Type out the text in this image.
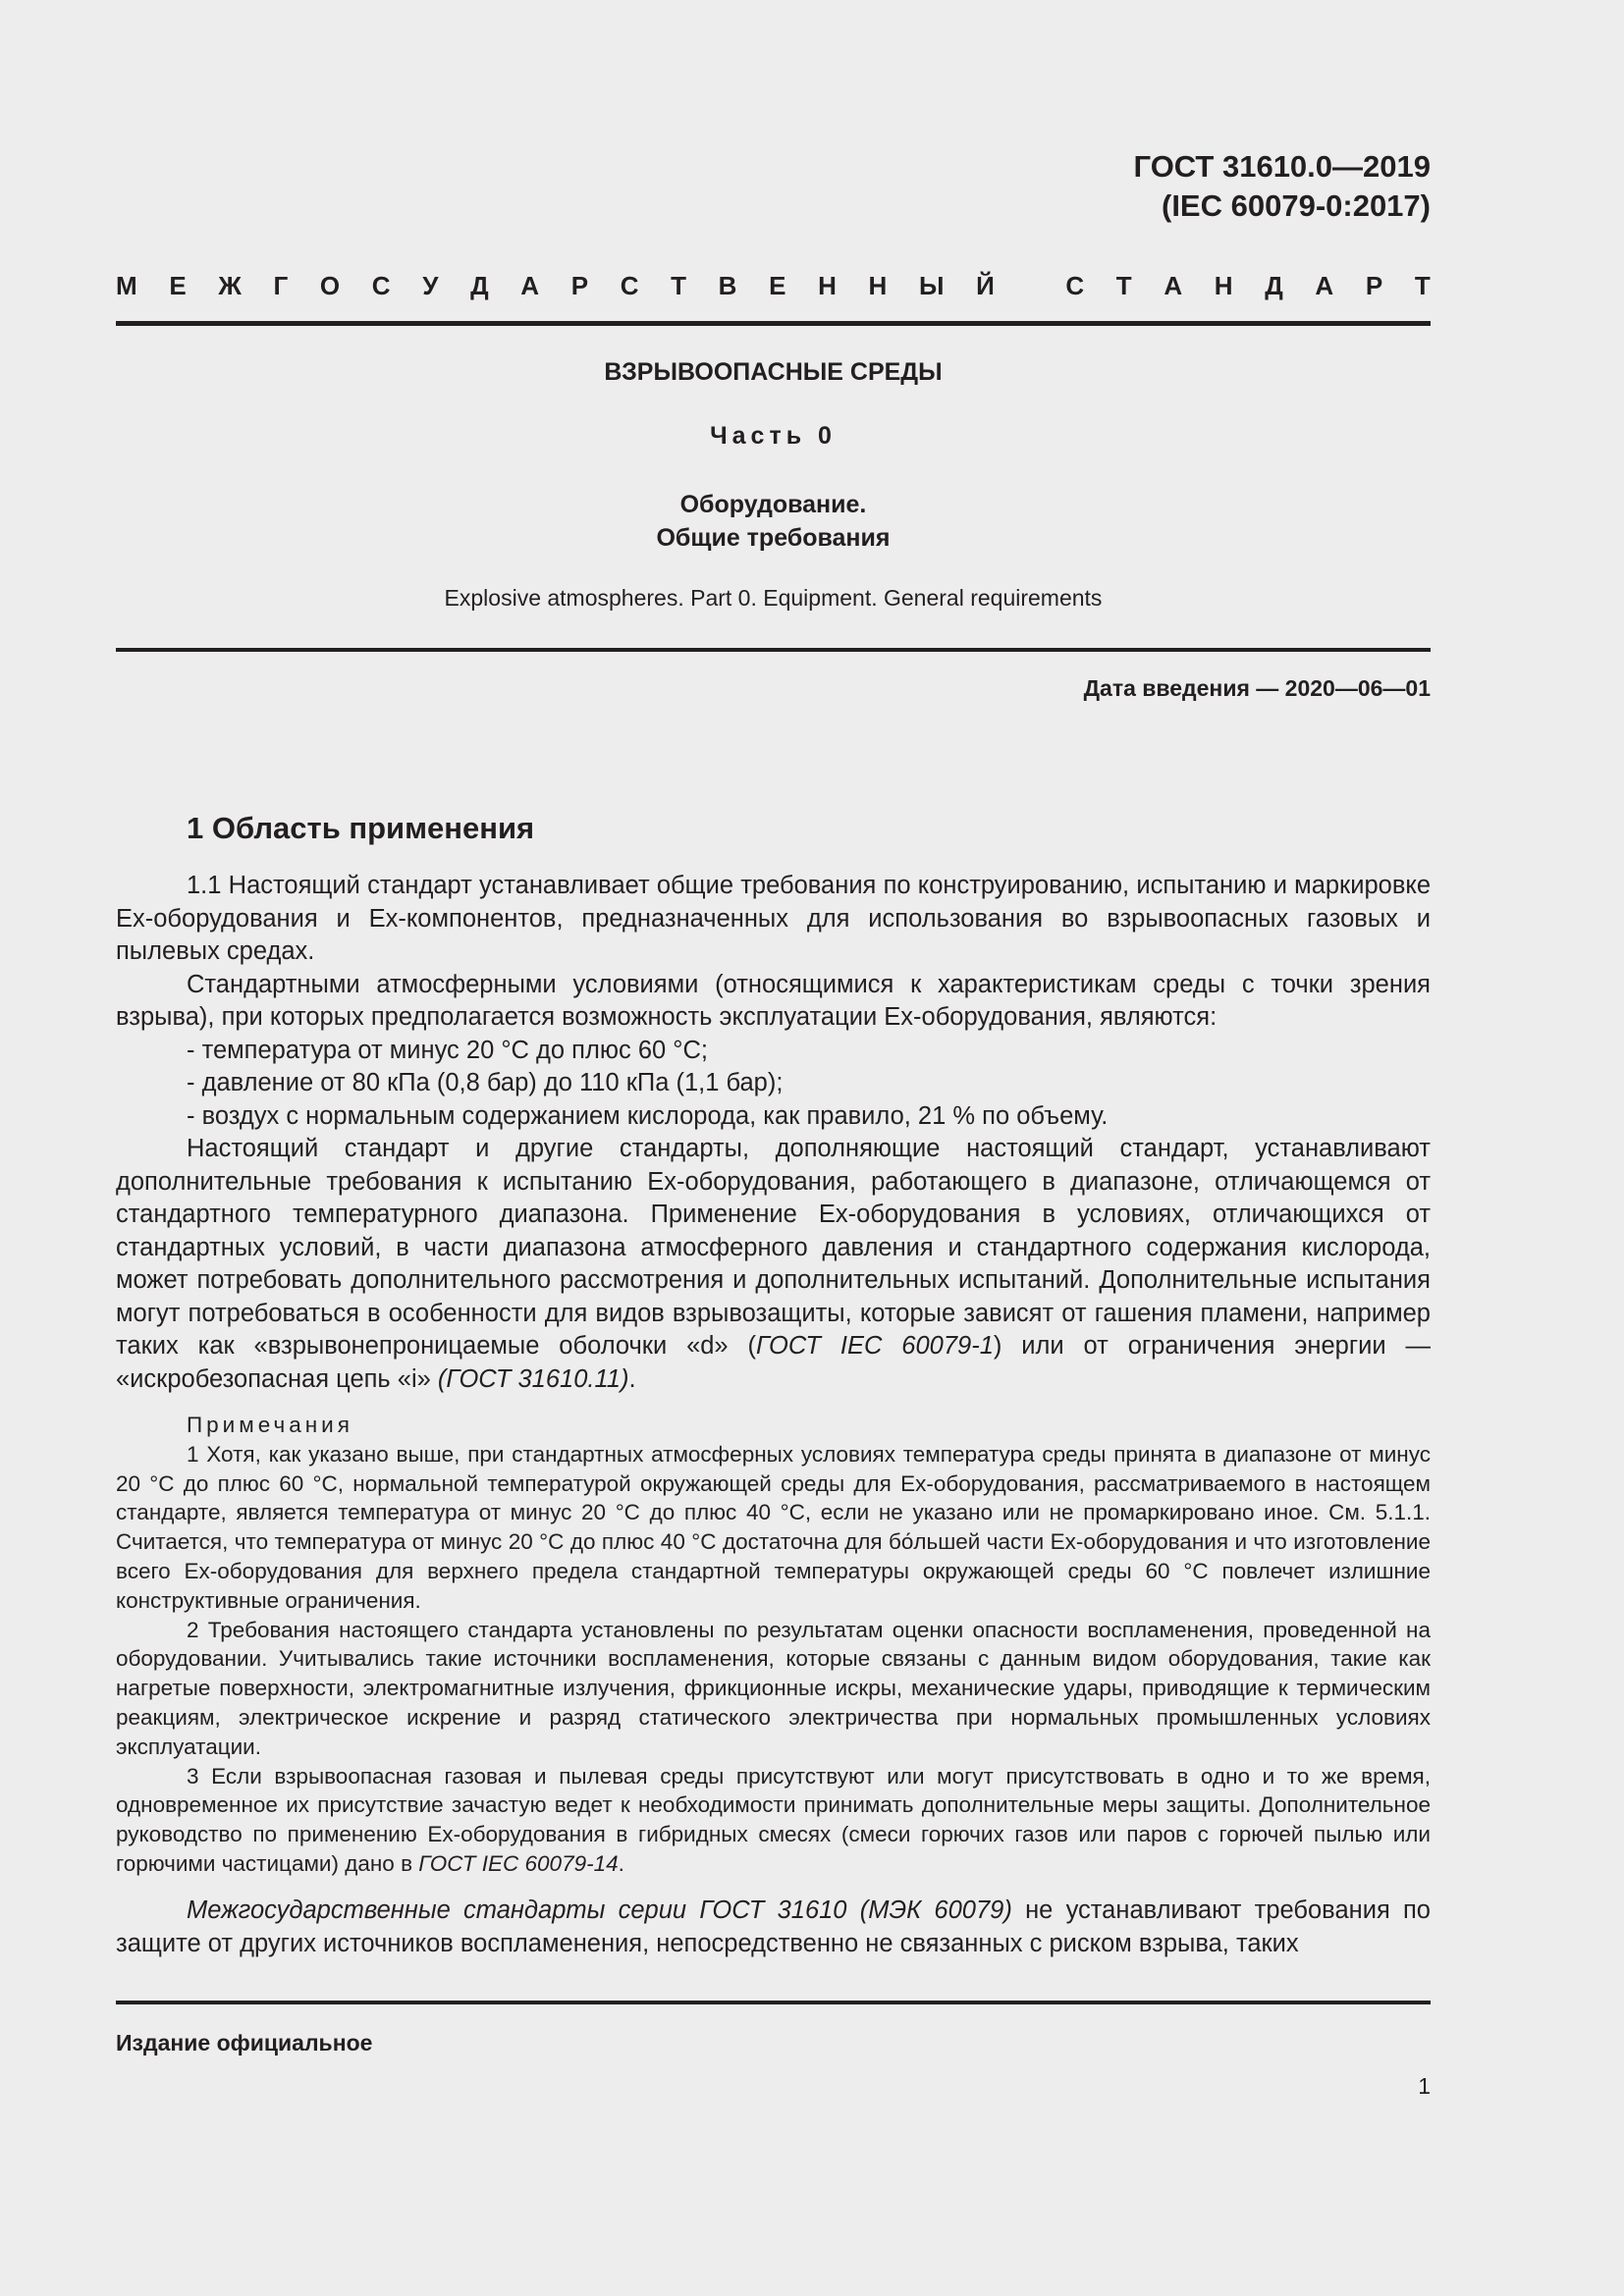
ГОСТ 31610.0—2019
(IEC 60079-0:2017)
М Е Ж Г О С У Д А Р С Т В Е Н Н Ы Й
	С Т А Н Д А Р Т
ВЗРЫВООПАСНЫЕ СРЕДЫ
Часть 0
Оборудование.
Общие требования
Explosive atmospheres. Part 0. Equipment. General requirements
Дата введения — 2020—06—01
1 Область применения

1.1 Настоящий стандарт устанавливает общие требования по конструированию, испытанию и маркировке Ex-оборудования и Ex-компонентов, предназначенных для использования во взрывоопасных газовых и пылевых средах.

Стандартными атмосферными условиями (относящимися к характеристикам среды с точки зрения взрыва), при которых предполагается возможность эксплуатации Ex-оборудования, являются:

- температура от минус 20 °С до плюс 60 °С;

- давление от 80 кПа (0,8 бар) до 110 кПа (1,1 бар);

- воздух с нормальным содержанием кислорода, как правило, 21 % по объему.

Настоящий стандарт и другие стандарты, дополняющие настоящий стандарт, устанавливают дополнительные требования к испытанию Ex-оборудования, работающего в диапазоне, отличающемся от стандартного температурного диапазона. Применение Ex-оборудования в условиях, отличающихся от стандартных условий, в части диапазона атмосферного давления и стандартного содержания кислорода, может потребовать дополнительного рассмотрения и дополнительных испытаний. Дополнительные испытания могут потребоваться в особенности для видов взрывозащиты, которые зависят от гашения пламени, например таких как «взрывонепроницаемые оболочки «d» (ГОСТ IEC 60079-1) или от ограничения энергии — «искробезопасная цепь «i» (ГОСТ 31610.11).

Примечания

1 Хотя, как указано выше, при стандартных атмосферных условиях температура среды принята в диапазоне от минус 20 °С до плюс 60 °С, нормальной температурой окружающей среды для Ex-оборудования, рассматриваемого в настоящем стандарте, является температура от минус 20 °С до плюс 40 °С, если не указано или не промаркировано иное. См. 5.1.1. Считается, что температура от минус 20 °С до плюс 40 °С достаточна для бо́льшей части Ex-оборудования и что изготовление всего Ex-оборудования для верхнего предела стандартной температуры окружающей среды 60 °С повлечет излишние конструктивные ограничения.

2 Требования настоящего стандарта установлены по результатам оценки опасности воспламенения, проведенной на оборудовании. Учитывались такие источники воспламенения, которые связаны с данным видом оборудования, такие как нагретые поверхности, электромагнитные излучения, фрикционные искры, механические удары, приводящие к термическим реакциям, электрическое искрение и разряд статического электричества при нормальных промышленных условиях эксплуатации.

3 Если взрывоопасная газовая и пылевая среды присутствуют или могут присутствовать в одно и то же время, одновременное их присутствие зачастую ведет к необходимости принимать дополнительные меры защиты. Дополнительное руководство по применению Ex-оборудования в гибридных смесях (смеси горючих газов или паров с горючей пылью или горючими частицами) дано в ГОСТ IEC 60079-14.

Межгосударственные стандарты серии ГОСТ 31610 (МЭК 60079) не устанавливают требования по защите от других источников воспламенения, непосредственно не связанных с риском взрыва, таких

Издание официальное
1
